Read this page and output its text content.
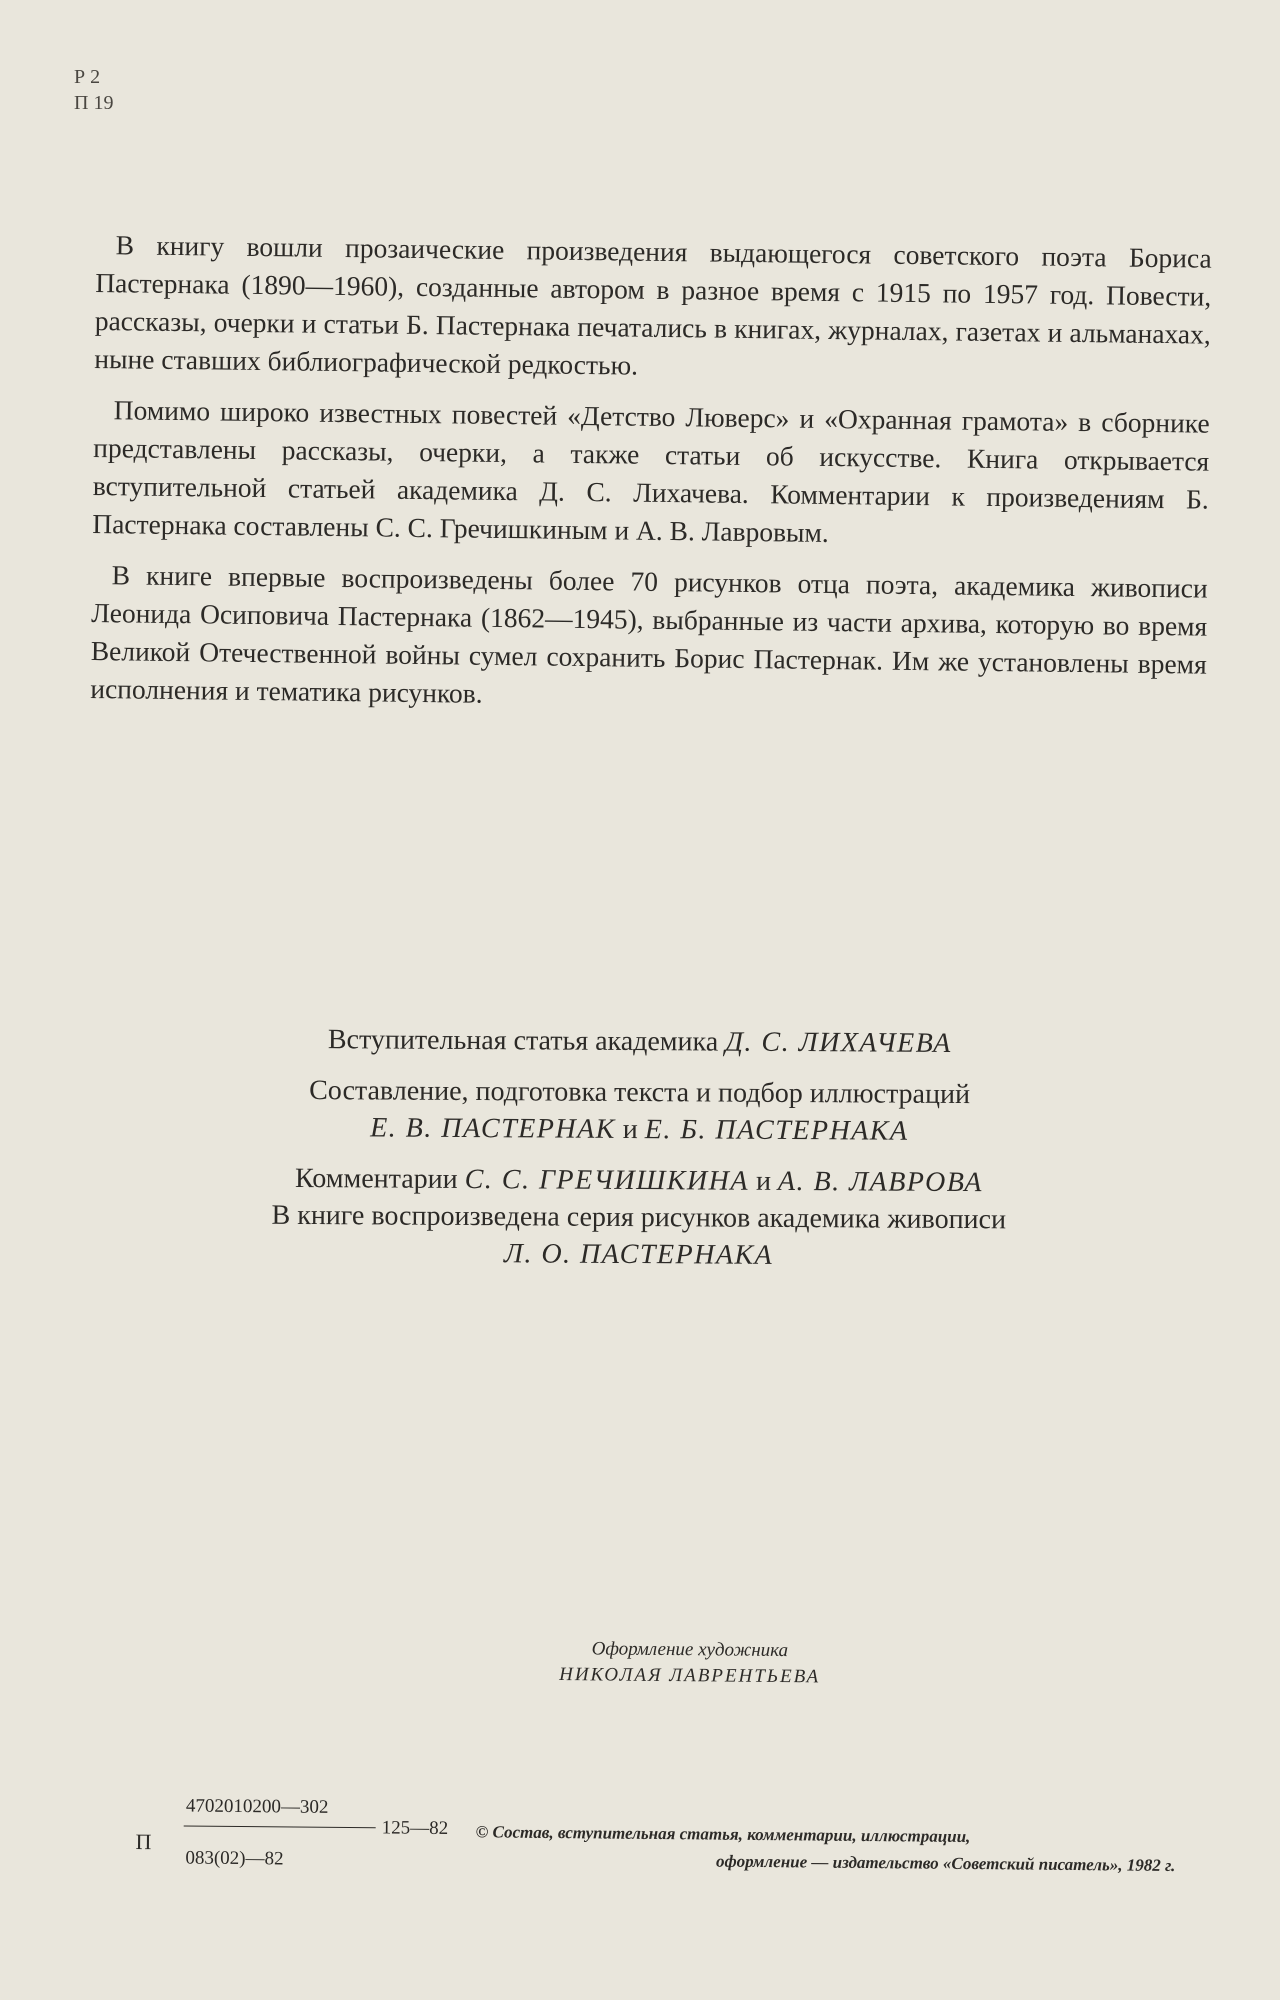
Р 2
П 19

В книгу вошли прозаические произведения выдающегося советского поэта Бориса Пастернака (1890—1960), созданные автором в разное время с 1915 по 1957 год. Повести, рассказы, очерки и статьи Б. Пастернака печатались в книгах, журналах, газетах и альманахах, ныне ставших библиографической редкостью.

Помимо широко известных повестей «Детство Люверс» и «Охранная грамота» в сборнике представлены рассказы, очерки, а также статьи об искусстве. Книга открывается вступительной статьей академика Д. С. Лихачева. Комментарии к произведениям Б. Пастернака составлены С. С. Гречишкиным и А. В. Лавровым.

В книге впервые воспроизведены более 70 рисунков отца поэта, академика живописи Леонида Осиповича Пастернака (1862—1945), выбранные из части архива, которую во время Великой Отечественной войны сумел сохранить Борис Пастернак. Им же установлены время исполнения и тематика рисунков.

Вступительная статья академика Д. С. ЛИХАЧЕВА
Составление, подготовка текста и подбор иллюстраций
Е. В. ПАСТЕРНАК и Е. Б. ПАСТЕРНАКА
Комментарии С. С. ГРЕЧИШКИНА и А. В. ЛАВРОВА
В книге воспроизведена серия рисунков академика живописи
Л. О. ПАСТЕРНАКА
Оформление художника
НИКОЛАЯ ЛАВРЕНТЬЕВА
П
4702010200—302
083(02)—82
125—82 © Состав, вступительная статья, комментарии, иллюстрации,
оформление — издательство «Советский писатель», 1982 г.
